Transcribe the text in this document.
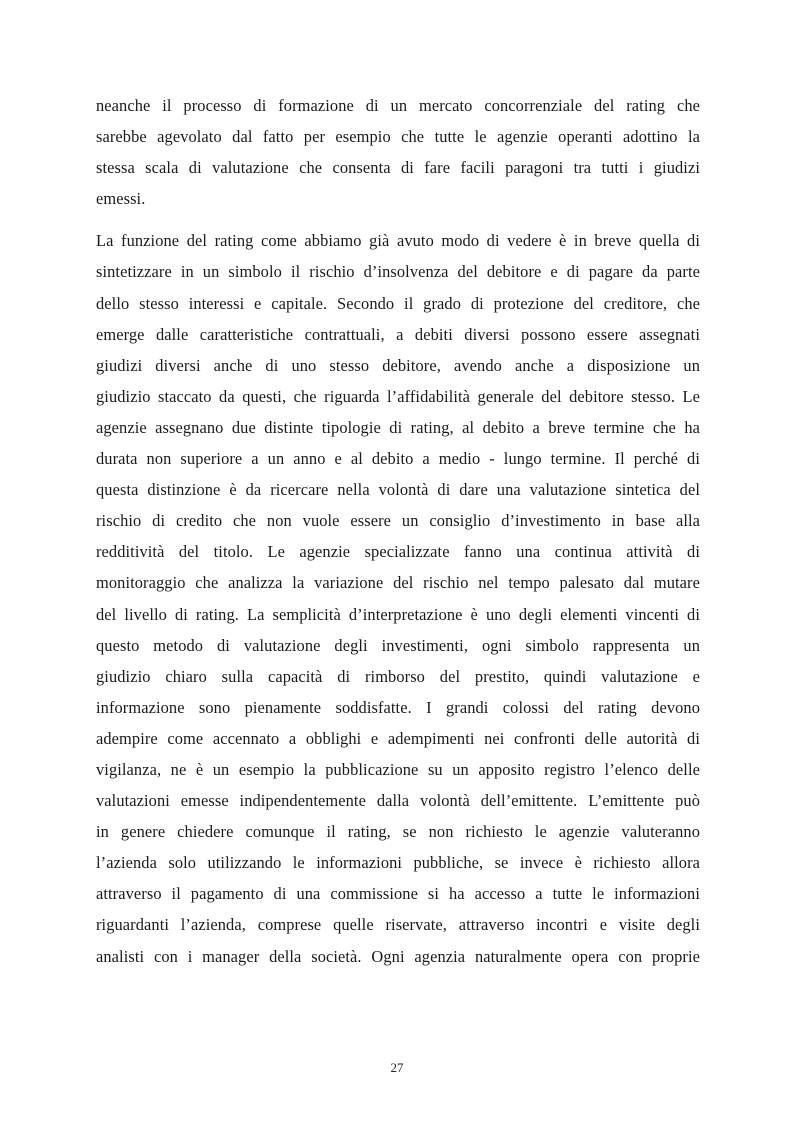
neanche il processo di formazione di un mercato concorrenziale del rating che
sarebbe agevolato dal fatto per esempio che tutte le agenzie operanti adottino la
stessa scala di valutazione che consenta di fare facili paragoni tra tutti i giudizi
emessi.
La funzione del rating come abbiamo già avuto modo di vedere è in breve quella di
sintetizzare in un simbolo il rischio d’insolvenza del debitore e di pagare da parte
dello stesso interessi e capitale. Secondo il grado di protezione del creditore, che
emerge dalle caratteristiche contrattuali, a debiti diversi possono essere assegnati
giudizi diversi anche di uno stesso debitore, avendo anche a disposizione un
giudizio staccato da questi, che riguarda l’affidabilità generale del debitore stesso. Le
agenzie assegnano due distinte tipologie di rating, al debito a breve termine che ha
durata non superiore a un anno e al debito a medio - lungo termine. Il perché di
questa distinzione è da ricercare nella volontà di dare una valutazione sintetica del
rischio di credito che non vuole essere un consiglio d’investimento in base alla
redditività del titolo. Le agenzie specializzate fanno una continua attività di
monitoraggio che analizza la variazione del rischio nel tempo palesato dal mutare
del livello di rating. La semplicità d’interpretazione è uno degli elementi vincenti di
questo metodo di valutazione degli investimenti, ogni simbolo rappresenta un
giudizio chiaro sulla capacità di rimborso del prestito, quindi valutazione e
informazione sono pienamente soddisfatte. I grandi colossi del rating devono
adempire come accennato a obblighi e adempimenti nei confronti delle autorità di
vigilanza, ne è un esempio la pubblicazione su un apposito registro l’elenco delle
valutazioni emesse indipendentemente dalla volontà dell’emittente. L’emittente può
in genere chiedere comunque il rating, se non richiesto le agenzie valuteranno
l’azienda solo utilizzando le informazioni pubbliche, se invece è richiesto allora
attraverso il pagamento di una commissione si ha accesso a tutte le informazioni
riguardanti l’azienda, comprese quelle riservate, attraverso incontri e visite degli
analisti con i manager della società. Ogni agenzia naturalmente opera con proprie
27
